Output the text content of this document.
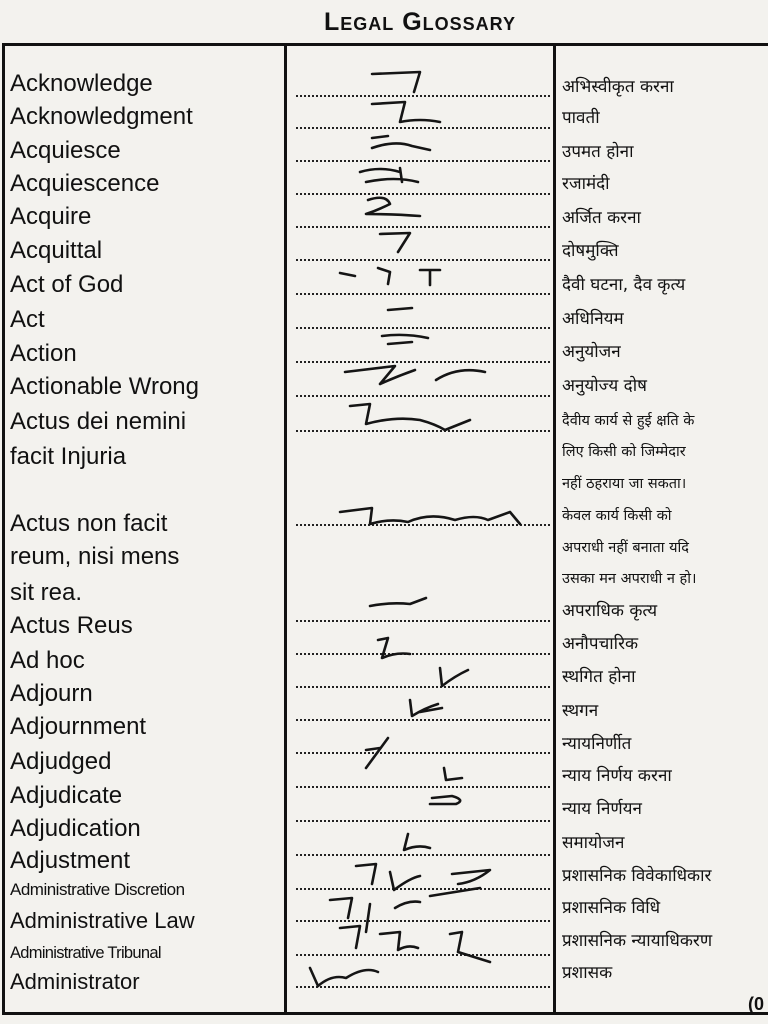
Legal Glossary
Acknowledge
Acknowledgment
Acquiesce
Acquiescence
Acquire
Acquittal
Act of God
Act
Action
Actionable Wrong
Actus dei nemini
facit Injuria
Actus non facit
reum, nisi mens
sit rea.
Actus Reus
Ad hoc
Adjourn
Adjournment
Adjudged
Adjudicate
Adjudication
Adjustment
Administrative Discretion
Administrative Law
Administrative Tribunal
Administrator
अभिस्वीकृत करना
पावती
उपमत होना
रजामंदी
अर्जित करना
दोषमुक्ति
दैवी घटना, दैव कृत्य
अधिनियम
अनुयोजन
अनुयोज्य दोष
दैवीय कार्य से हुई क्षति के
लिए किसी को जिम्मेदार
नहीं ठहराया जा सकता।
केवल कार्य किसी को
अपराधी नहीं बनाता यदि
उसका मन अपराधी न हो।
अपराधिक कृत्य
अनौपचारिक
स्थगित होना
स्थगन
न्यायनिर्णीत
न्याय निर्णय करना
न्याय निर्णयन
समायोजन
प्रशासनिक विवेकाधिकार
प्रशासनिक विधि
प्रशासनिक न्यायाधिकरण
प्रशासक
(0
